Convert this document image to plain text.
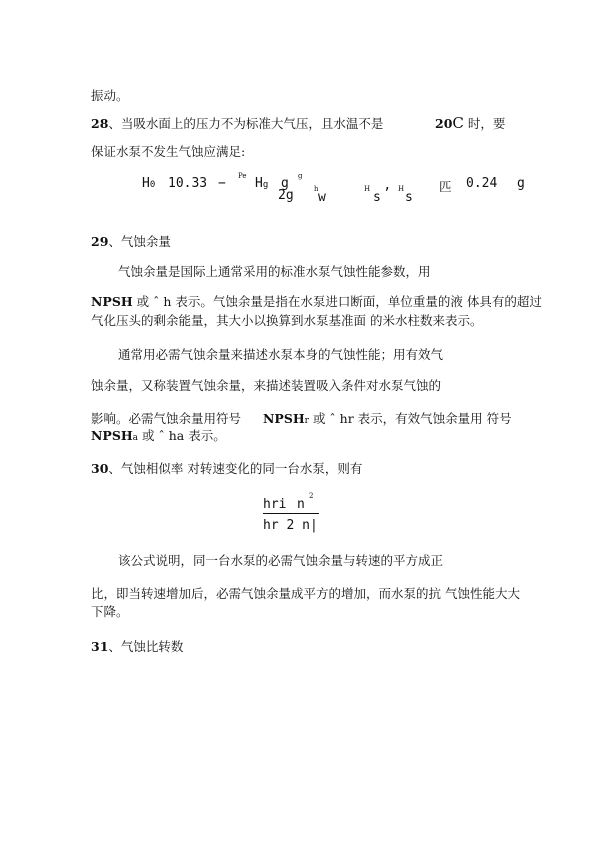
振动。
28、当吸水面上的压力不为标准大气压，且水温不是	20C 时，要
保证水泵不发生气蚀应满足:
H0 10.33 − Pe Hg g g
2g	h
w
H
s ’ H
s
匹 0.24 g
29、气蚀余量
气蚀余量是国际上通常采用的标准水泵气蚀性能参数，用
NPSH 或 ˆ h 表示。气蚀余量是指在水泵进口断面，单位重量的液 体具有的超过
气化压头的剩余能量，其大小以换算到水泵基准面 的米水柱数来表示。
通常用必需气蚀余量来描述水泵本身的气蚀性能；用有效气
蚀余量，又称装置气蚀余量，来描述装置吸入条件对水泵气蚀的
影响。必需气蚀余量用符号 NPSHr 或 ˆ hr 表示，有效气蚀余量用 符号
NPSHa 或 ˆ ha 表示。
30、气蚀相似率 对转速变化的同一台水泵，则有
hri n
2
hr 2 n|
该公式说明，同一台水泵的必需气蚀余量与转速的平方成正
比，即当转速增加后，必需气蚀余量成平方的增加，而水泵的抗 气蚀性能大大
下降。
31、气蚀比转数
